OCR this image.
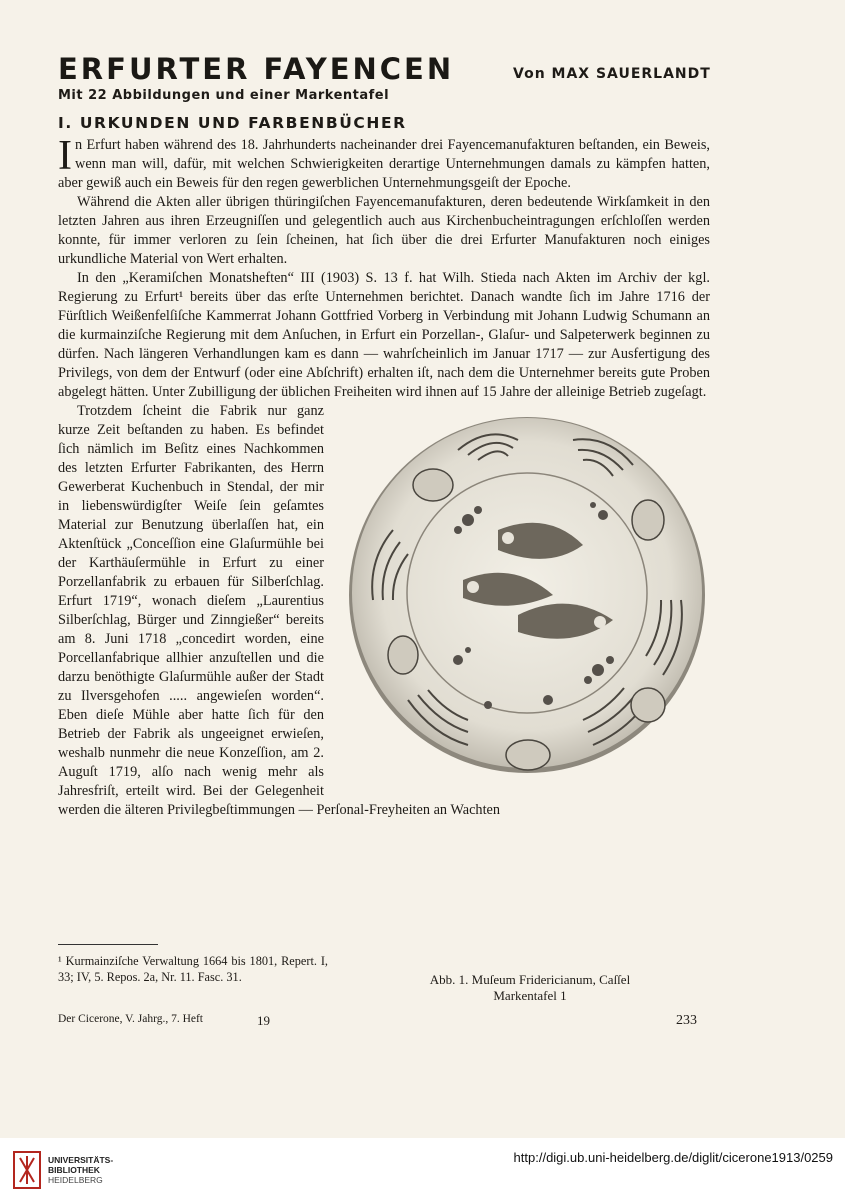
ERFURTER FAYENCEN	Von MAX SAUERLANDT
Mit 22 Abbildungen und einer Markentafel
I. URKUNDEN UND FARBENBÜCHER

In Erfurt haben während des 18. Jahrhunderts nacheinander drei Fayencemanufakturen beſtanden, ein Beweis, wenn man will, dafür, mit welchen Schwierigkeiten derartige Unternehmungen damals zu kämpfen hatten, aber gewiß auch ein Beweis für den regen gewerblichen Unternehmungsgeiſt der Epoche.

Während die Akten aller übrigen thüringiſchen Fayencemanufakturen, deren bedeutende Wirkſamkeit in den letzten Jahren aus ihren Erzeugniſſen und gelegentlich auch aus Kirchenbucheintragungen erſchloſſen werden konnte, für immer verloren zu ſein ſcheinen, hat ſich über die drei Erfurter Manufakturen noch einiges urkundliche Material von Wert erhalten.

In den „Keramiſchen Monatsheften“ III (1903) S. 13 f. hat Wilh. Stieda nach Akten im Archiv der kgl. Regierung zu Erfurt¹ bereits über das erſte Unternehmen berichtet. Danach wandte ſich im Jahre 1716 der Fürſtlich Weißenfelſiſche Kammerrat Johann Gottfried Vorberg in Verbindung mit Johann Ludwig Schumann an die kurmainziſche Regierung mit dem Anſuchen, in Erfurt ein Porzellan-, Glaſur- und Salpeterwerk beginnen zu dürfen. Nach längeren Verhandlungen kam es dann — wahrſcheinlich im Januar 1717 — zur Ausfertigung des Privilegs, von dem der Entwurf (oder eine Abſchrift) erhalten iſt, nach dem die Unternehmer bereits gute Proben abgelegt hätten. Unter Zubilligung der üblichen Freiheiten wird ihnen auf 15 Jahre der alleinige Betrieb zugeſagt.

Trotzdem ſcheint die Fabrik nur ganz kurze Zeit beſtanden zu haben. Es befindet ſich nämlich im Beſitz eines Nachkommen des letzten Erfurter Fabrikanten, des Herrn Gewerberat Kuchenbuch in Stendal, der mir in liebenswürdigſter Weiſe ſein geſamtes Material zur Benutzung überlaſſen hat, ein Aktenſtück „Conceſſion eine Glaſurmühle bei der Karthäuſermühle in Erfurt zu einer Porzellanfabrik zu erbauen für Silberſchlag. Erfurt 1719“, wonach dieſem „Laurentius Silberſchlag, Bürger und Zinngießer“ bereits am 8. Juni 1718 „concedirt worden, eine Porcellanfabrique allhier anzuſtellen und die darzu benöthigte Glaſurmühle außer der Stadt zu Ilversgehofen ..... angewieſen worden“. Eben dieſe Mühle aber hatte ſich für den Betrieb der Fabrik als ungeeignet erwieſen, weshalb nunmehr die neue Konzeſſion, am 2. Auguſt 1719, alſo nach wenig mehr als Jahresfriſt, erteilt wird. Bei der Gelegenheit werden die älteren Privilegbeſtimmungen — Perſonal-Freyheiten an Wachten

¹ Kurmainziſche Verwaltung 1664 bis 1801, Repert. I, 33; IV, 5. Repos. 2a, Nr. 11. Fasc. 31.	Abb. 1. Muſeum Fridericianum, Caſſel
Markentafel 1
Der Cicerone, V. Jahrg., 7. Heft	19	233
UNIVERSITÄTS-
BIBLIOTHEK
HEIDELBERG
http://digi.ub.uni-heidelberg.de/diglit/cicerone1913/0259
